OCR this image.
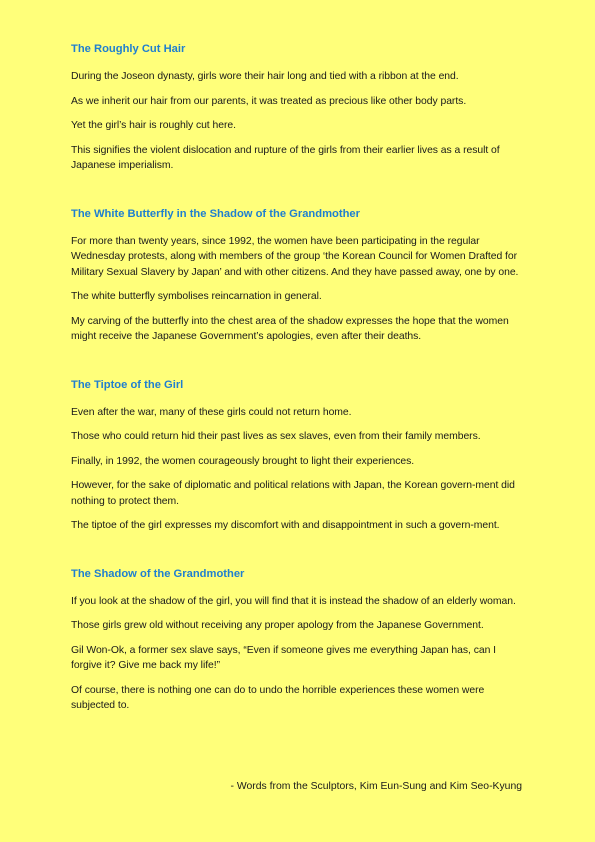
The Roughly Cut Hair

During the Joseon dynasty, girls wore their hair long and tied with a ribbon at the end.

As we inherit our hair from our parents, it was treated as precious like other body parts.

Yet the girl’s hair is roughly cut here.

This signifies the violent dislocation and rupture of the girls from their earlier lives as a result of Japanese imperialism.

The White Butterfly in the Shadow of the Grandmother

For more than twenty years, since 1992, the women have been participating in the regular Wednesday protests, along with members of the group ‘the Korean Council for Women Drafted for Military Sexual Slavery by Japan’ and with other citizens. And they have passed away, one by one.

The white butterfly symbolises reincarnation in general.

My carving of the butterfly into the chest area of the shadow expresses the hope that the women might receive the Japanese Government’s apologies, even after their deaths.

The Tiptoe of the Girl

Even after the war, many of these girls could not return home.

Those who could return hid their past lives as sex slaves, even from their family members.

Finally, in 1992, the women courageously brought to light their experiences.

However, for the sake of diplomatic and political relations with Japan, the Korean govern-ment did nothing to protect them.

The tiptoe of the girl expresses my discomfort with and disappointment in such a govern-ment.

The Shadow of the Grandmother

If you look at the shadow of the girl, you will find that it is instead the shadow of an elderly woman.

Those girls grew old without receiving any proper apology from the Japanese Government.

Gil Won-Ok, a former sex slave says, “Even if someone gives me everything Japan has, can I forgive it? Give me back my life!”

Of course, there is nothing one can do to undo the horrible experiences these women were subjected to.

- Words from the Sculptors, Kim Eun-Sung and Kim Seo-Kyung
